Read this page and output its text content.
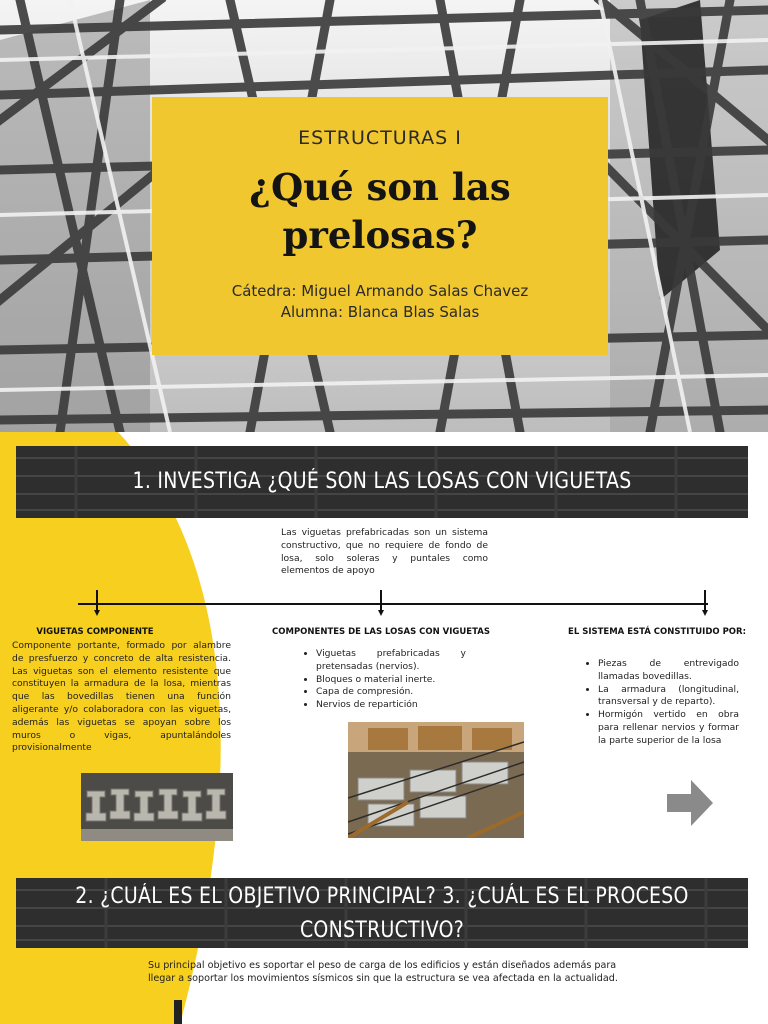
ESTRUCTURAS I
¿Qué son las
prelosas?
Cátedra: Miguel Armando Salas Chavez
Alumna: Blanca Blas Salas
1. INVESTIGA ¿QUÉ SON LAS LOSAS CON VIGUETAS
Las viguetas prefabricadas son un sistema constructivo, que no requiere de fondo de losa, solo soleras y puntales como elementos de apoyo
VIGUETAS COMPONENTE	COMPONENTES DE LAS LOSAS CON VIGUETAS	EL SISTEMA ESTÁ CONSTITUIDO POR:
Componente portante, formado por alambre de presfuerzo y concreto de alta resistencia. Las viguetas son el elemento resistente que constituyen la armadura de la losa, mientras que las bovedillas tienen una función aligerante y/o colaboradora con las viguetas, además las viguetas se apoyan sobre los muros o vigas, apuntalándoles provisionalmente
• Viguetas prefabricadas y pretensadas (nervios).
• Bloques o material inerte.
• Capa de compresión.
• Nervios de repartición
• Piezas de entrevigado llamadas bovedillas.
• La armadura (longitudinal, transversal y de reparto).
• Hormigón vertido en obra para rellenar nervios y formar la parte superior de la losa
2. ¿CUÁL ES EL OBJETIVO PRINCIPAL? 3. ¿CUÁL ES EL PROCESO
CONSTRUCTIVO?
Su principal objetivo es soportar el peso de carga de los edificios y están diseñados además para llegar a soportar los movimientos sísmicos sin que la estructura se vea afectada en la actualidad.
